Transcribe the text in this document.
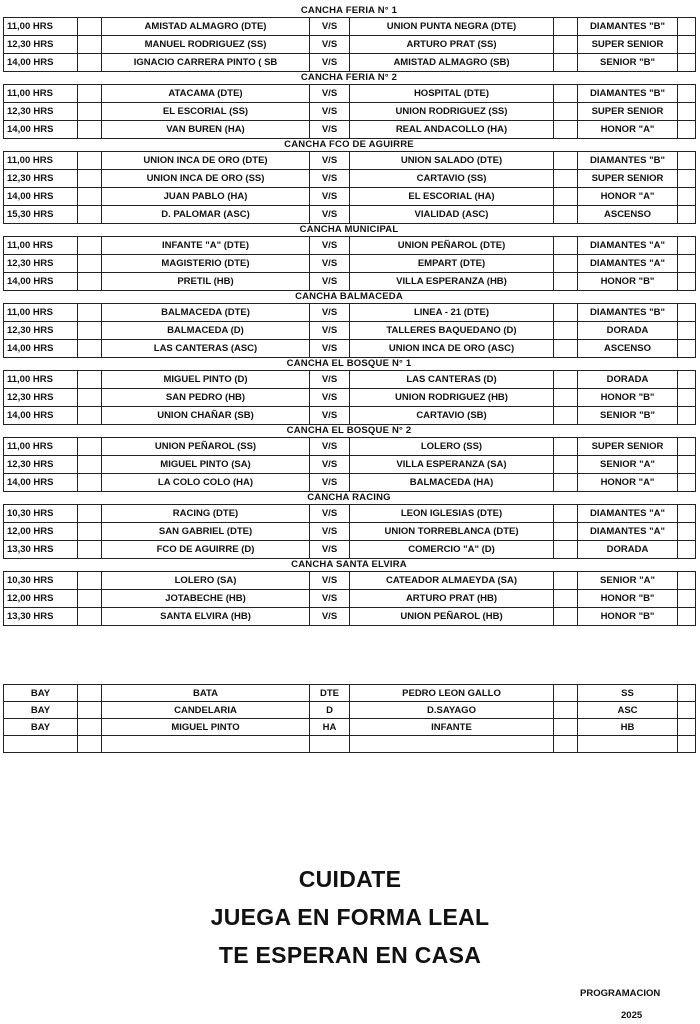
CANCHA FERIA N° 1
11,00 HRS		AMISTAD ALMAGRO (DTE)	V/S	UNION PUNTA NEGRA (DTE)		DIAMANTES "B"	
12,30 HRS		MANUEL RODRIGUEZ (SS)	V/S	ARTURO PRAT (SS)		SUPER SENIOR	
14,00 HRS		IGNACIO CARRERA PINTO ( SB	V/S	AMISTAD ALMAGRO (SB)		SENIOR "B"	
CANCHA FERIA N° 2
11,00 HRS		ATACAMA (DTE)	V/S	HOSPITAL (DTE)		DIAMANTES "B"	
12,30 HRS		EL ESCORIAL (SS)	V/S	UNION RODRIGUEZ (SS)		SUPER SENIOR	
14,00 HRS		VAN BUREN (HA)	V/S	REAL ANDACOLLO (HA)		HONOR "A"	
CANCHA FCO DE AGUIRRE
11,00 HRS		UNION INCA DE ORO (DTE)	V/S	UNION SALADO (DTE)		DIAMANTES "B"	
12,30 HRS		UNION INCA DE ORO (SS)	V/S	CARTAVIO (SS)		SUPER SENIOR	
14,00 HRS		JUAN PABLO (HA)	V/S	EL ESCORIAL (HA)		HONOR "A"	
15,30 HRS		D. PALOMAR (ASC)	V/S	VIALIDAD (ASC)		ASCENSO	
CANCHA MUNICIPAL
11,00 HRS		INFANTE "A" (DTE)	V/S	UNION PEÑAROL (DTE)		DIAMANTES "A"	
12,30 HRS		MAGISTERIO (DTE)	V/S	EMPART (DTE)		DIAMANTES "A"	
14,00 HRS		PRETIL (HB)	V/S	VILLA ESPERANZA (HB)		HONOR "B"	
CANCHA BALMACEDA
11,00 HRS		BALMACEDA (DTE)	V/S	LINEA - 21 (DTE)		DIAMANTES "B"	
12,30 HRS		BALMACEDA (D)	V/S	TALLERES BAQUEDANO (D)		DORADA	
14,00 HRS		LAS CANTERAS (ASC)	V/S	UNION INCA DE ORO (ASC)		ASCENSO	
CANCHA EL BOSQUE N° 1
11,00 HRS		MIGUEL PINTO (D)	V/S	LAS CANTERAS (D)		DORADA	
12,30 HRS		SAN PEDRO (HB)	V/S	UNION RODRIGUEZ (HB)		HONOR "B"	
14,00 HRS		UNION CHAÑAR (SB)	V/S	CARTAVIO (SB)		SENIOR "B"	
CANCHA EL BOSQUE N° 2
11,00 HRS		UNION PEÑAROL (SS)	V/S	LOLERO (SS)		SUPER SENIOR	
12,30 HRS		MIGUEL PINTO (SA)	V/S	VILLA ESPERANZA (SA)		SENIOR "A"	
14,00 HRS		LA COLO COLO (HA)	V/S	BALMACEDA (HA)		HONOR "A"	
CANCHA RACING
10,30 HRS		RACING (DTE)	V/S	LEON IGLESIAS (DTE)		DIAMANTES "A"	
12,00 HRS		SAN GABRIEL (DTE)	V/S	UNION TORREBLANCA (DTE)		DIAMANTES "A"	
13,30 HRS		FCO DE AGUIRRE (D)	V/S	COMERCIO "A" (D)		DORADA	
CANCHA SANTA ELVIRA
10,30 HRS		LOLERO (SA)	V/S	CATEADOR ALMAEYDA (SA)		SENIOR "A"	
12,00 HRS		JOTABECHE (HB)	V/S	ARTURO PRAT (HB)		HONOR "B"	
13,30 HRS		SANTA ELVIRA (HB)	V/S	UNION PEÑAROL (HB)		HONOR "B"	
BAY		BATA	DTE	PEDRO LEON GALLO		SS	
BAY		CANDELARIA	D	D.SAYAGO		ASC	
BAY		MIGUEL PINTO	HA	INFANTE		HB	

CUIDATE
JUEGA EN FORMA LEAL
TE ESPERAN EN CASA
PROGRAMACION
2025
